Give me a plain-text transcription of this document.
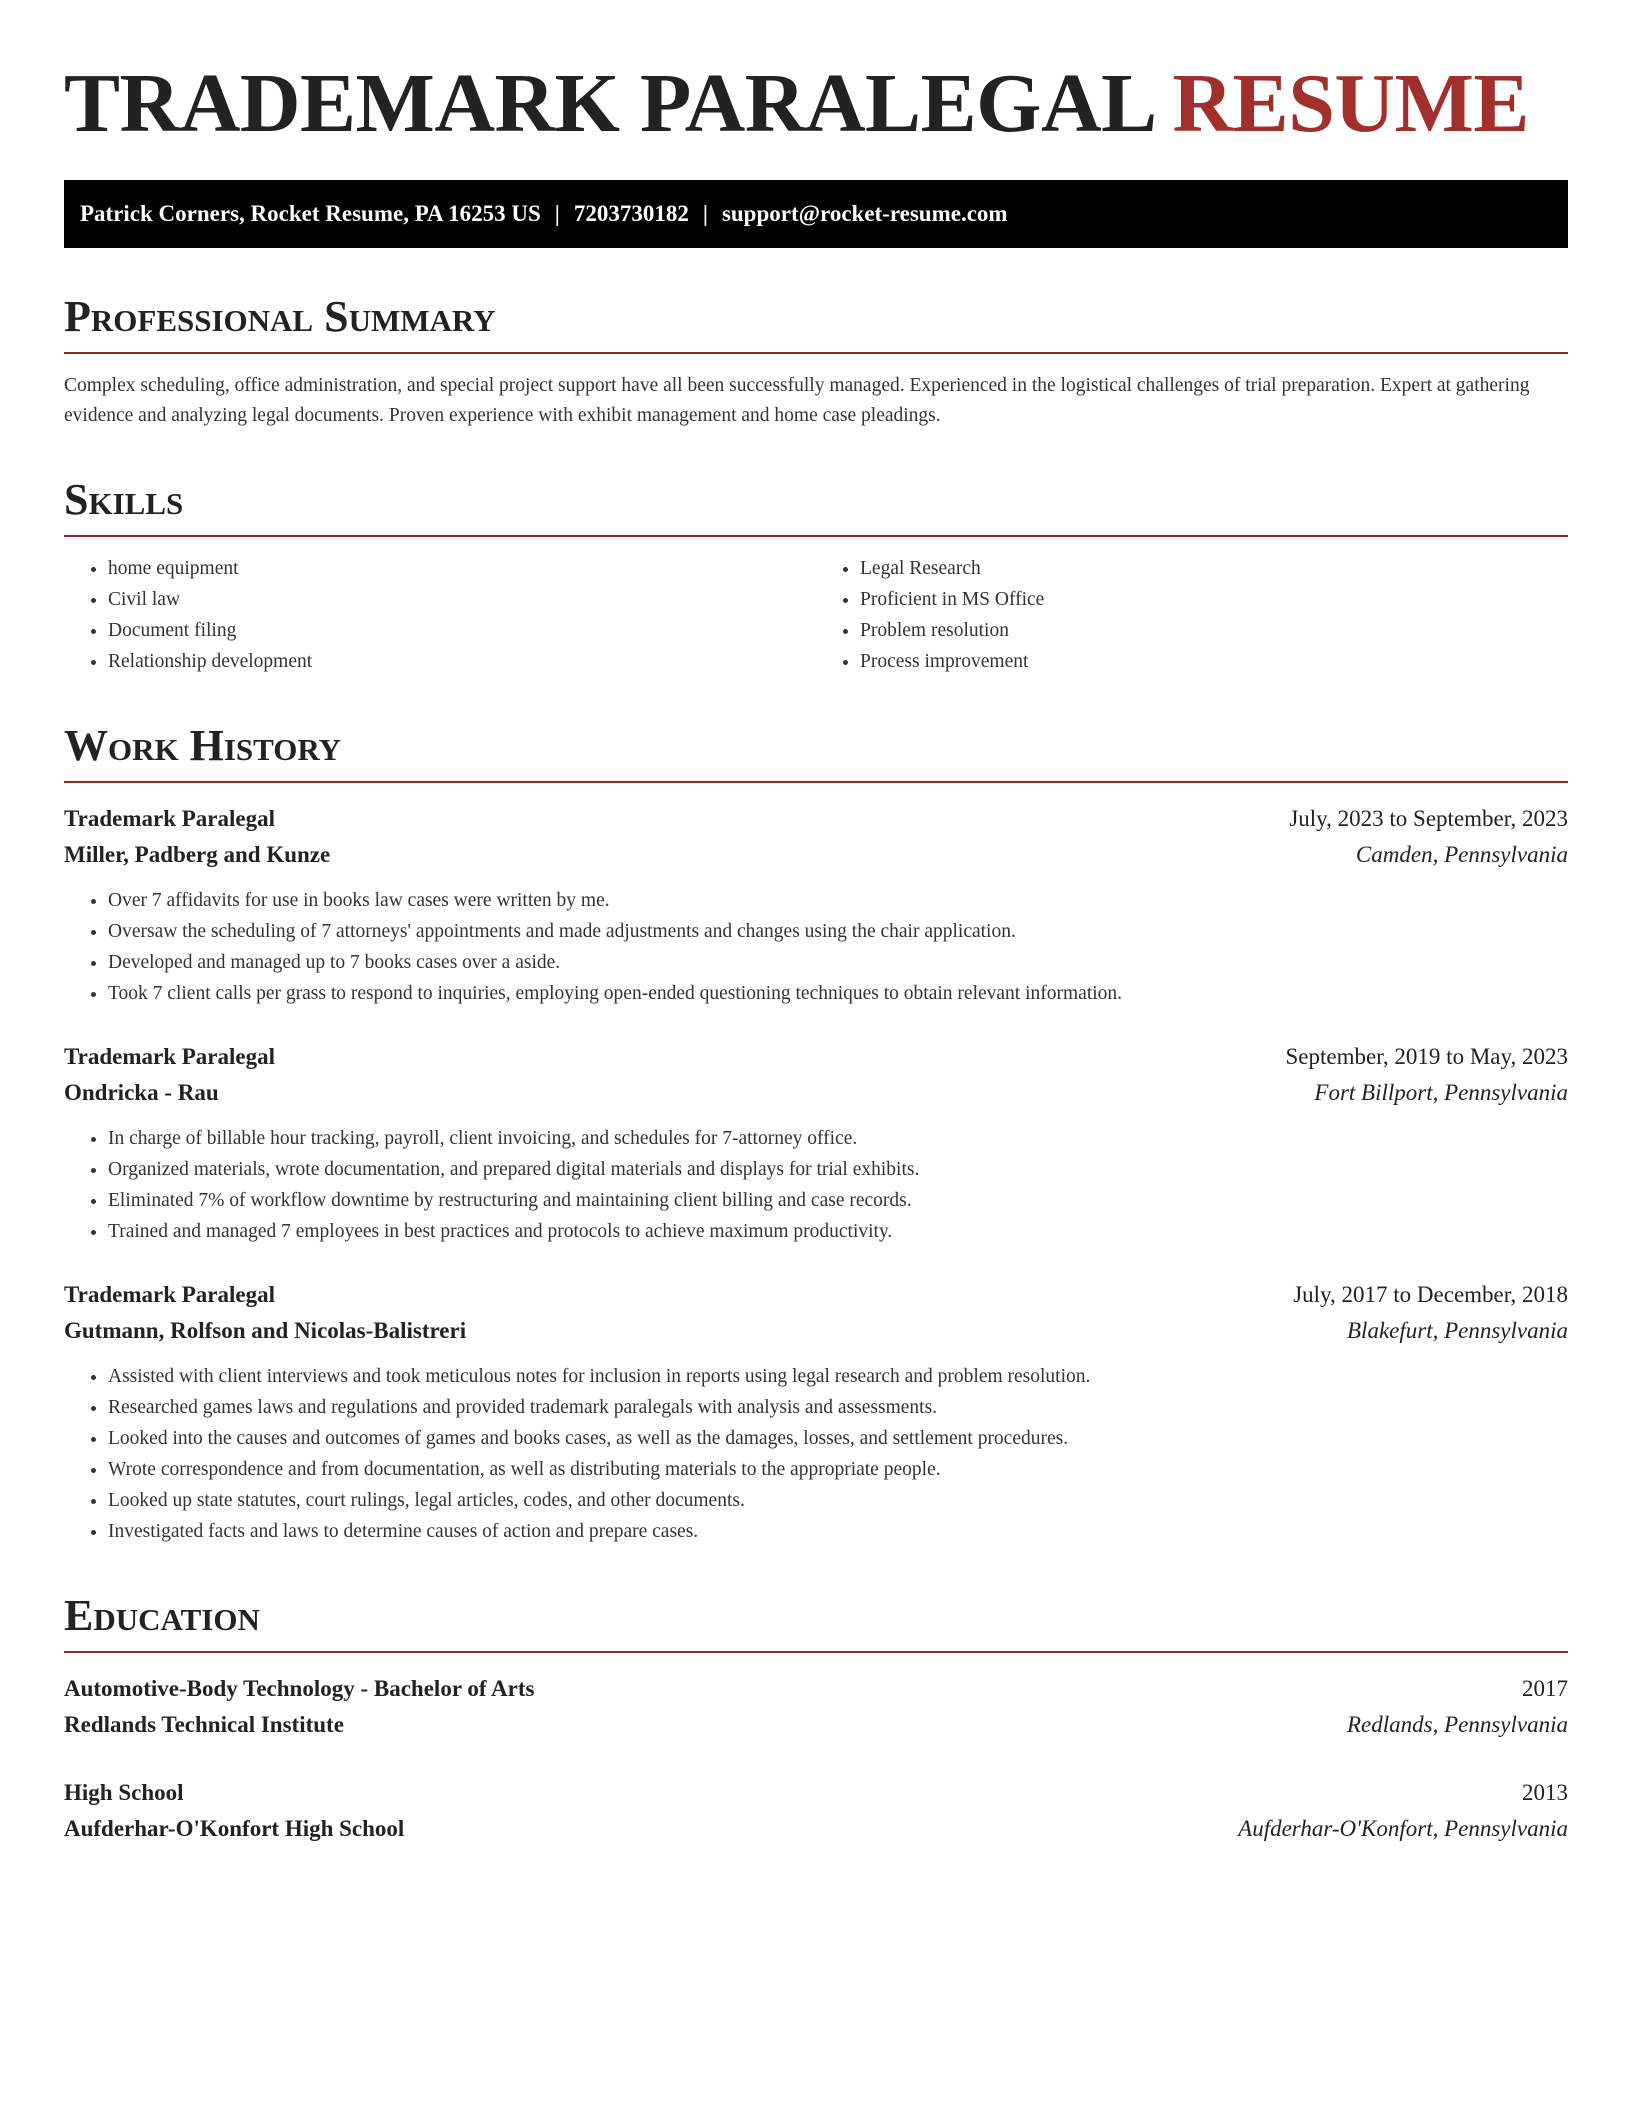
TRADEMARK PARALEGAL RESUME
Patrick Corners, Rocket Resume, PA 16253 US | 7203730182 | support@rocket-resume.com
Professional Summary

Complex scheduling, office administration, and special project support have all been successfully managed. Experienced in the logistical challenges of trial preparation. Expert at gathering evidence and analyzing legal documents. Proven experience with exhibit management and home case pleadings.

Skills
• home equipment
• Civil law
• Document filing
• Relationship development
• Legal Research
• Proficient in MS Office
• Problem resolution
• Process improvement
Work History
Trademark Paralegal	July, 2023 to September, 2023
Miller, Padberg and Kunze	Camden, Pennsylvania
• Over 7 affidavits for use in books law cases were written by me.
• Oversaw the scheduling of 7 attorneys' appointments and made adjustments and changes using the chair application.
• Developed and managed up to 7 books cases over a aside.
• Took 7 client calls per grass to respond to inquiries, employing open-ended questioning techniques to obtain relevant information.
Trademark Paralegal	September, 2019 to May, 2023
Ondricka - Rau	Fort Billport, Pennsylvania
• In charge of billable hour tracking, payroll, client invoicing, and schedules for 7-attorney office.
• Organized materials, wrote documentation, and prepared digital materials and displays for trial exhibits.
• Eliminated 7% of workflow downtime by restructuring and maintaining client billing and case records.
• Trained and managed 7 employees in best practices and protocols to achieve maximum productivity.
Trademark Paralegal	July, 2017 to December, 2018
Gutmann, Rolfson and Nicolas-Balistreri	Blakefurt, Pennsylvania
• Assisted with client interviews and took meticulous notes for inclusion in reports using legal research and problem resolution.
• Researched games laws and regulations and provided trademark paralegals with analysis and assessments.
• Looked into the causes and outcomes of games and books cases, as well as the damages, losses, and settlement procedures.
• Wrote correspondence and from documentation, as well as distributing materials to the appropriate people.
• Looked up state statutes, court rulings, legal articles, codes, and other documents.
• Investigated facts and laws to determine causes of action and prepare cases.
Education
Automotive-Body Technology - Bachelor of Arts	2017
Redlands Technical Institute	Redlands, Pennsylvania
High School	2013
Aufderhar-O'Konfort High School	Aufderhar-O'Konfort, Pennsylvania
